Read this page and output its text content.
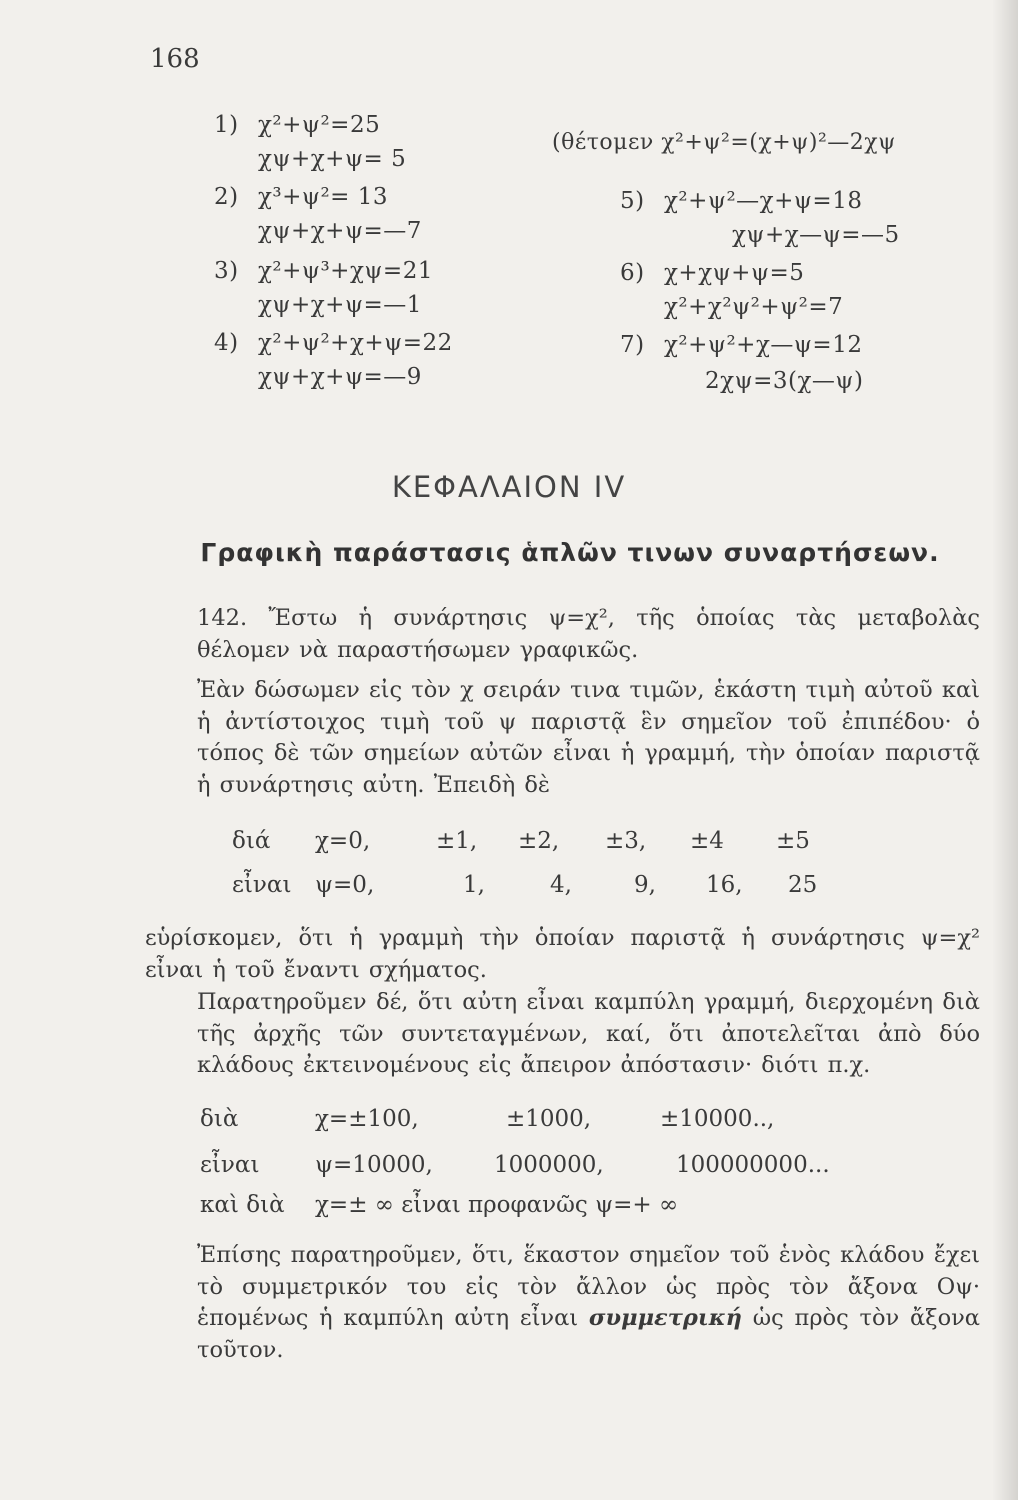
168
1) χ²+ψ²=25
χψ+χ+ψ= 5
2) χ³+ψ²= 13
χψ+χ+ψ=—7
3) χ²+ψ³+χψ=21
χψ+χ+ψ=—1
4) χ²+ψ²+χ+ψ=22
χψ+χ+ψ=—9
(θέτομεν χ²+ψ²=(χ+ψ)²—2χψ
5) χ²+ψ²—χ+ψ=18
χψ+χ—ψ=—5
6) χ+χψ+ψ=5
χ²+χ²ψ²+ψ²=7
7) χ²+ψ²+χ—ψ=12
2χψ=3(χ—ψ)
ΚΕΦΑΛΑΙΟΝ IV
Γραφικὴ παράστασις ἁπλῶν τινων συναρτήσεων.
142. Ἔστω ἡ συνάρτησις ψ=χ², τῆς ὁποίας τὰς μεταβολὰς θέλομεν νὰ παραστήσωμεν γραφικῶς.
Ἐὰν δώσωμεν εἰς τὸν χ σειράν τινα τιμῶν, ἑκάστη τιμὴ αὐτοῦ καὶ ἡ ἀντίστοιχος τιμὴ τοῦ ψ παριστᾷ ἓν σημεῖον τοῦ ἐπιπέδου· ὁ τόπος δὲ τῶν σημείων αὐτῶν εἶναι ἡ γραμμή, τὴν ὁποίαν παριστᾷ ἡ συνάρτησις αὐτη. Ἐπειδὴ δὲ
διά χ=0,	±1, ±2, ±3, ±4 ±5
εἶναι ψ=0,	1,	4,	9, 16, 25
εὑρίσκομεν, ὅτι ἡ γραμμὴ τὴν ὁποίαν παριστᾷ ἡ συνάρτησις ψ=χ² εἶναι ἡ τοῦ ἔναντι σχήματος.
Παρατηροῦμεν δέ, ὅτι αὐτη εἶναι καμπύλη γραμμή, διερχομένη διὰ τῆς ἀρχῆς τῶν συντεταγμένων, καί, ὅτι ἀποτελεῖται ἀπὸ δύο κλάδους ἐκτεινομένους εἰς ἄπειρον ἀπόστασιν· διότι π.χ.
διὰ	χ=±100,	±1000,	±10000..,
εἶναι ψ=10000,	1000000,	100000000...
καὶ διὰ χ=± ∞ εἶναι προφανῶς ψ=+ ∞
Ἐπίσης παρατηροῦμεν, ὅτι, ἕκαστον σημεῖον τοῦ ἑνὸς κλάδου ἔχει τὸ συμμετρικόν του εἰς τὸν ἄλλον ὡς πρὸς τὸν ἄξονα Οψ· ἑπομένως ἡ καμπύλη αὐτη εἶναι συμμετρική ὡς πρὸς τὸν ἄξονα τοῦτον.
